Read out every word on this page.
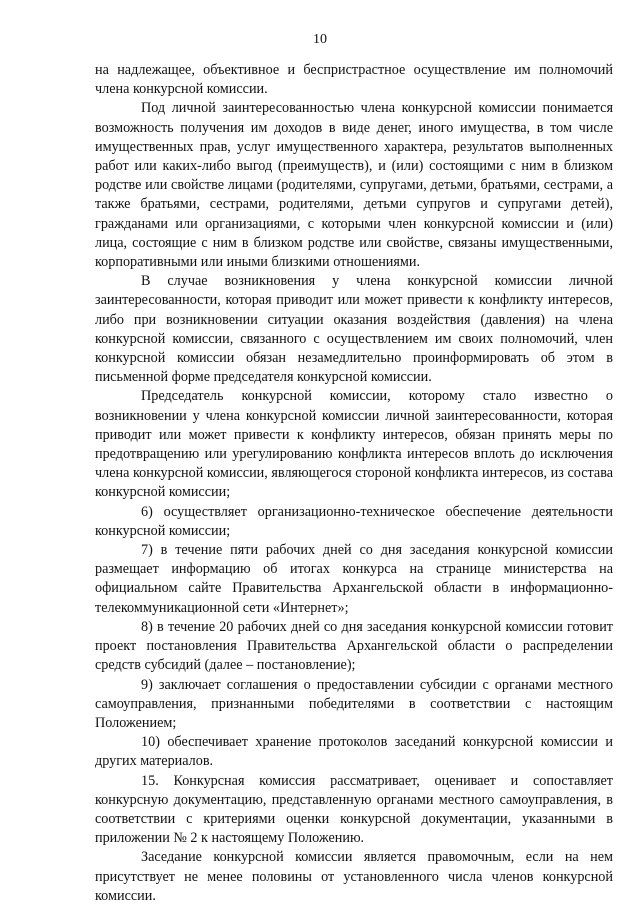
10

на надлежащее, объективное и беспристрастное осуществление им полномочий члена конкурсной комиссии.

Под личной заинтересованностью члена конкурсной комиссии понимается возможность получения им доходов в виде денег, иного имущества, в том числе имущественных прав, услуг имущественного характера, результатов выполненных работ или каких-либо выгод (преимуществ), и (или) состоящими с ним в близком родстве или свойстве лицами (родителями, супругами, детьми, братьями, сестрами, а также братьями, сестрами, родителями, детьми супругов и супругами детей), гражданами или организациями, с которыми член конкурсной комиссии и (или) лица, состоящие с ним в близком родстве или свойстве, связаны имущественными, корпоративными или иными близкими отношениями.

В случае возникновения у члена конкурсной комиссии личной заинтересованности, которая приводит или может привести к конфликту интересов, либо при возникновении ситуации оказания воздействия (давления) на члена конкурсной комиссии, связанного с осуществлением им своих полномочий, член конкурсной комиссии обязан незамедлительно проинформировать об этом в письменной форме председателя конкурсной комиссии.

Председатель конкурсной комиссии, которому стало известно о возникновении у члена конкурсной комиссии личной заинтересованности, которая приводит или может привести к конфликту интересов, обязан принять меры по предотвращению или урегулированию конфликта интересов вплоть до исключения члена конкурсной комиссии, являющегося стороной конфликта интересов, из состава конкурсной комиссии;

6) осуществляет организационно-техническое обеспечение деятельности конкурсной комиссии;

7) в течение пяти рабочих дней со дня заседания конкурсной комиссии размещает информацию об итогах конкурса на странице министерства на официальном сайте Правительства Архангельской области в информационно-телекоммуникационной сети «Интернет»;

8) в течение 20 рабочих дней со дня заседания конкурсной комиссии готовит проект постановления Правительства Архангельской области о распределении средств субсидий (далее – постановление);

9) заключает соглашения о предоставлении субсидии с органами местного самоуправления, признанными победителями в соответствии с настоящим Положением;

10) обеспечивает хранение протоколов заседаний конкурсной комиссии и других материалов.

15. Конкурсная комиссия рассматривает, оценивает и сопоставляет конкурсную документацию, представленную органами местного самоуправления, в соответствии с критериями оценки конкурсной документации, указанными в приложении № 2 к настоящему Положению.

Заседание конкурсной комиссии является правомочным, если на нем присутствует не менее половины от установленного числа членов конкурсной комиссии.
